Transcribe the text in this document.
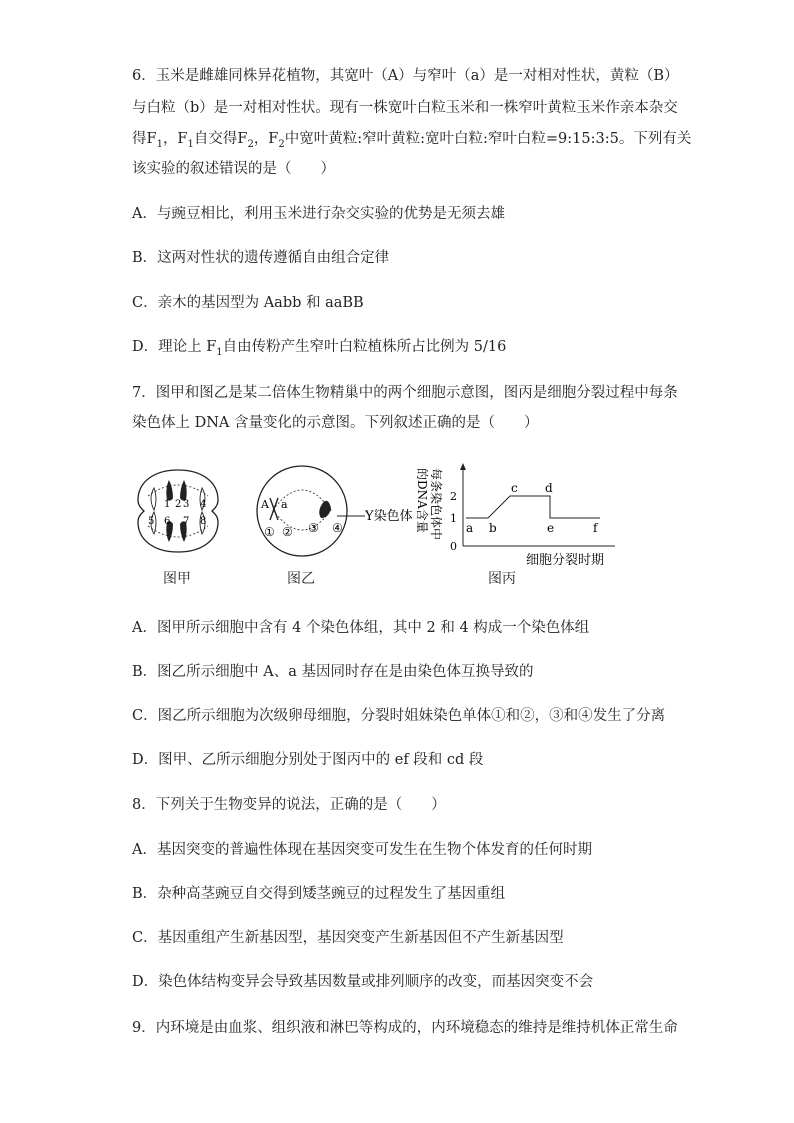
6．玉米是雌雄同株异花植物，其宽叶（A）与窄叶（a）是一对相对性状，黄粒（B）
与白粒（b）是一对相对性状。现有一株宽叶白粒玉米和一株窄叶黄粒玉米作亲本杂交
得$F_1$，$F_1$自交得$F_2$，$F_2$中宽叶黄粒:窄叶黄粒:宽叶白粒:窄叶白粒=9:15:3:5。下列有关
该实验的叙述错误的是（　　）
A．与豌豆相比，利用玉米进行杂交实验的优势是无须去雄
B．这两对性状的遗传遵循自由组合定律
C．亲木的基因型为 Aabb 和 aaBB
D．理论上 $F_1$自由传粉产生窄叶白粒植株所占比例为 5/16
7．图甲和图乙是某二倍体生物精巢中的两个细胞示意图，图丙是细胞分裂过程中每条
染色体上 DNA 含量变化的示意图。下列叙述正确的是（　　）
1 2 3 4
5 6 7 8
图甲
A a
① ② ③ ④
Y染色体
图乙
每条染色体中
的DNA含量 2
1
0
a b
c d
e	f
细胞分裂时期
图丙
A．图甲所示细胞中含有 4 个染色体组，其中 2 和 4 构成一个染色体组
B．图乙所示细胞中 A、a 基因同时存在是由染色体互换导致的
C．图乙所示细胞为次级卵母细胞，分裂时姐妹染色单体①和②，③和④发生了分离
D．图甲、乙所示细胞分别处于图丙中的 ef 段和 cd 段
8．下列关于生物变异的说法，正确的是（　　）
A．基因突变的普遍性体现在基因突变可发生在生物个体发育的任何时期
B．杂种高茎豌豆自交得到矮茎豌豆的过程发生了基因重组
C．基因重组产生新基因型，基因突变产生新基因但不产生新基因型
D．染色体结构变异会导致基因数量或排列顺序的改变，而基因突变不会
9．内环境是由血浆、组织液和淋巴等构成的，内环境稳态的维持是维持机体正常生命
